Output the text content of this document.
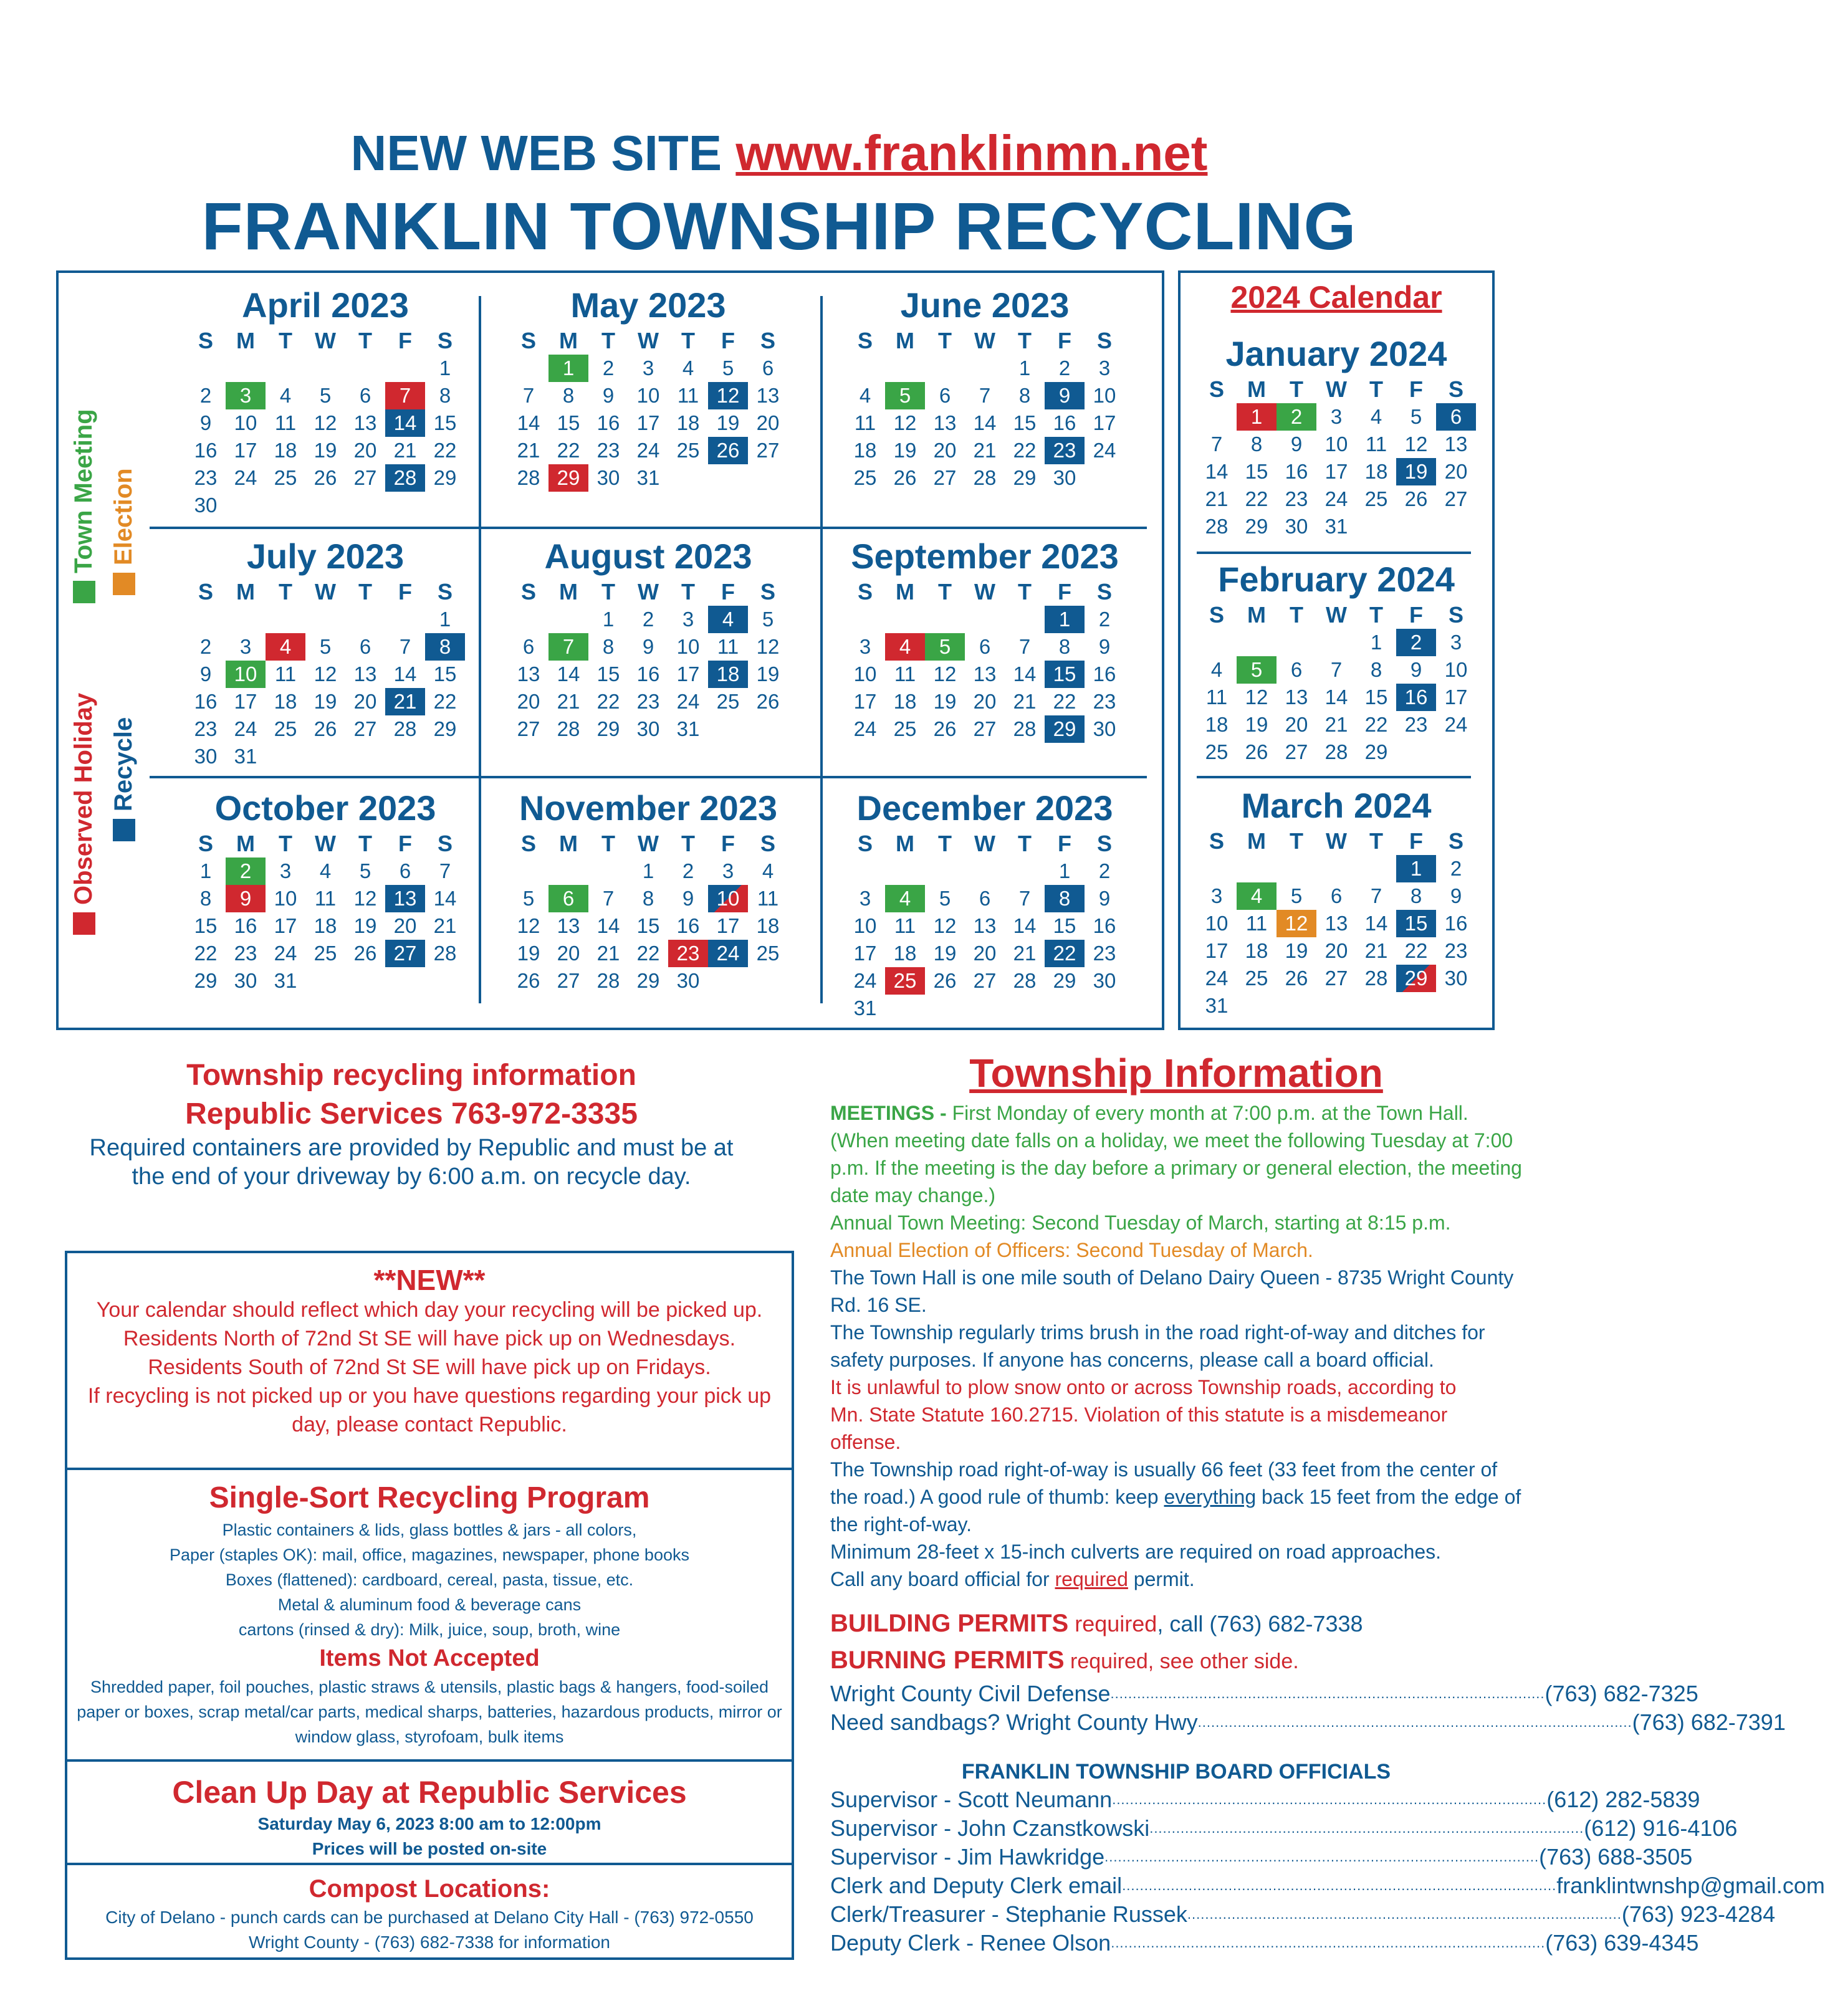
NEW WEB SITE www.franklinmn.net
FRANKLIN TOWNSHIP RECYCLING
Town Meeting Election
Observed Holiday Recycle
2024 Calendar
April 2023
S	M	T	W	T	F	S
						1
2	3	4	5	6	7	8
9	10	11	12	13	14	15
16	17	18	19	20	21	22
23	24	25	26	27	28	29
30						
May 2023
S	M	T	W	T	F	S
	1	2	3	4	5	6
7	8	9	10	11	12	13
14	15	16	17	18	19	20
21	22	23	24	25	26	27
28	29	30	31			
June 2023
S	M	T	W	T	F	S
				1	2	3
4	5	6	7	8	9	10
11	12	13	14	15	16	17
18	19	20	21	22	23	24
25	26	27	28	29	30	
July 2023
S	M	T	W	T	F	S
						1
2	3	4	5	6	7	8
9	10	11	12	13	14	15
16	17	18	19	20	21	22
23	24	25	26	27	28	29
30	31					
August 2023
S	M	T	W	T	F	S
		1	2	3	4	5
6	7	8	9	10	11	12
13	14	15	16	17	18	19
20	21	22	23	24	25	26
27	28	29	30	31		
September 2023
S	M	T	W	T	F	S
					1	2
3	4	5	6	7	8	9
10	11	12	13	14	15	16
17	18	19	20	21	22	23
24	25	26	27	28	29	30
October 2023
S	M	T	W	T	F	S
1	2	3	4	5	6	7
8	9	10	11	12	13	14
15	16	17	18	19	20	21
22	23	24	25	26	27	28
29	30	31				
November 2023
S	M	T	W	T	F	S
			1	2	3	4
5	6	7	8	9	10	11
12	13	14	15	16	17	18
19	20	21	22	23	24	25
26	27	28	29	30		
December 2023
S	M	T	W	T	F	S
					1	2
3	4	5	6	7	8	9
10	11	12	13	14	15	16
17	18	19	20	21	22	23
24	25	26	27	28	29	30
31						
January 2024
S	M	T	W	T	F	S
	1	2	3	4	5	6
7	8	9	10	11	12	13
14	15	16	17	18	19	20
21	22	23	24	25	26	27
28	29	30	31			
February 2024
S	M	T	W	T	F	S
				1	2	3
4	5	6	7	8	9	10
11	12	13	14	15	16	17
18	19	20	21	22	23	24
25	26	27	28	29		
March 2024
S	M	T	W	T	F	S
					1	2
3	4	5	6	7	8	9
10	11	12	13	14	15	16
17	18	19	20	21	22	23
24	25	26	27	28	29	30
31						
Township recycling information
Republic Services 763-972-3335
Required containers are provided by Republic and must be at the end of your driveway by 6:00 a.m. on recycle day.

**NEW**

Your calendar should reflect which day your recycling will be picked up.

Residents North of 72nd St SE will have pick up on Wednesdays.

Residents South of 72nd St SE will have pick up on Fridays.

If recycling is not picked up or you have questions regarding your pick up day, please contact Republic.

Single-Sort Recycling Program

Plastic containers & lids, glass bottles & jars - all colors,

Paper (staples OK): mail, office, magazines, newspaper, phone books

Boxes (flattened): cardboard, cereal, pasta, tissue, etc.

Metal & aluminum food & beverage cans

cartons (rinsed & dry): Milk, juice, soup, broth, wine

Items Not Accepted

Shredded paper, foil pouches, plastic straws & utensils, plastic bags & hangers, food-soiled paper or boxes, scrap metal/car parts, medical sharps, batteries, hazardous products, mirror or window glass, styrofoam, bulk items

Clean Up Day at Republic Services

Saturday May 6, 2023 8:00 am to 12:00pm

Prices will be posted on-site

Compost Locations:

City of Delano - punch cards can be purchased at Delano City Hall - (763) 972-0550

Wright County - (763) 682-7338 for information

Township Information

MEETINGS - First Monday of every month at 7:00 p.m. at the Town Hall. (When meeting date falls on a holiday, we meet the following Tuesday at 7:00 p.m. If the meeting is the day before a primary or general election, the meeting date may change.)

Annual Town Meeting: Second Tuesday of March, starting at 8:15 p.m.

Annual Election of Officers: Second Tuesday of March.

The Town Hall is one mile south of Delano Dairy Queen - 8735 Wright County Rd. 16 SE.

The Township regularly trims brush in the road right-of-way and ditches for safety purposes. If anyone has concerns, please call a board official.

It is unlawful to plow snow onto or across Township roads, according to Mn. State Statute 160.2715. Violation of this statute is a misdemeanor offense.

The Township road right-of-way is usually 66 feet (33 feet from the center of the road.) A good rule of thumb: keep everything back 15 feet from the edge of the right-of-way.

Minimum 28-feet x 15-inch culverts are required on road approaches.

Call any board official for required permit.

BUILDING PERMITS required, call (763) 682-7338
BURNING PERMITS required, see other side.
Wright County Civil Defense .................................................................................................. (763) 682-7325
Need sandbags? Wright County Hwy .................................................................................................. (763) 682-7391
FRANKLIN TOWNSHIP BOARD OFFICIALS
Supervisor - Scott Neumann .................................................................................................. (612) 282-5839
Supervisor - John Czanstkowski .................................................................................................. (612) 916-4106
Supervisor - Jim Hawkridge .................................................................................................. (763) 688-3505
Clerk and Deputy Clerk email .................................................................................................. franklintwnshp@gmail.com
Clerk/Treasurer - Stephanie Russek .................................................................................................. (763) 923-4284
Deputy Clerk - Renee Olson .................................................................................................. (763) 639-4345
